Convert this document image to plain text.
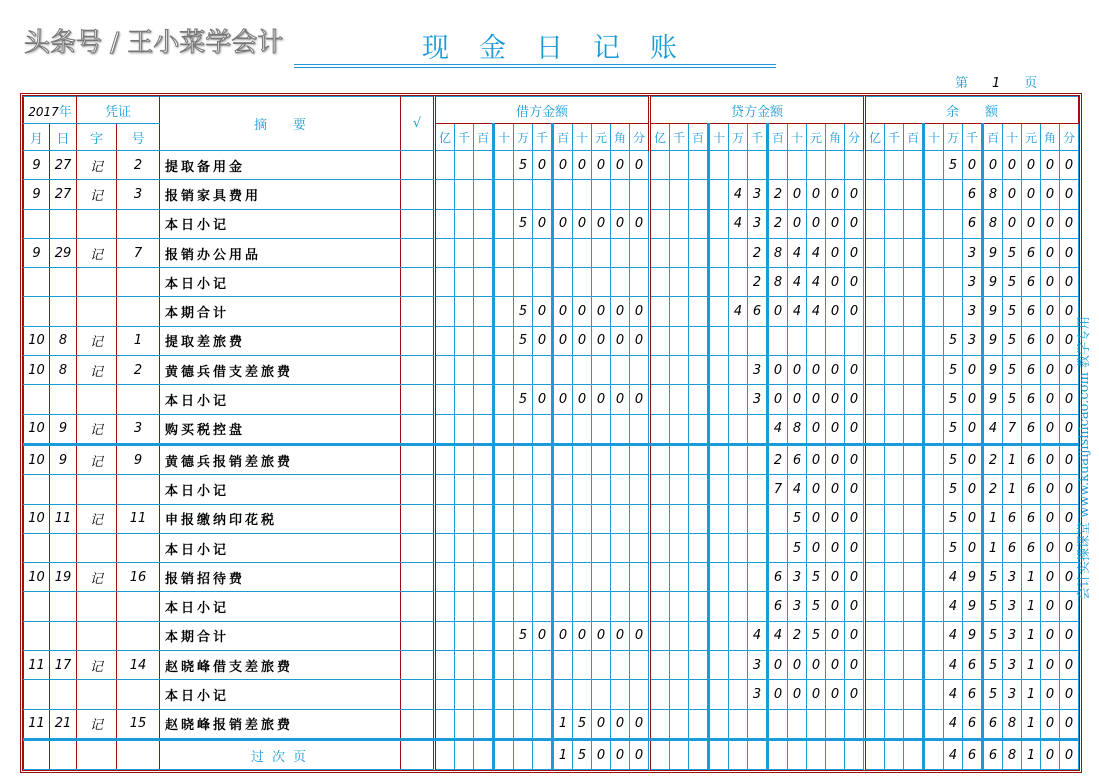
现金日记账
第 1 页
2017年		凭证		摘　　要	√		借方金额												贷方金额												余　　额										
月	日	字	号				亿	千	百	十	万	千	百	十	元	角	分		亿	千	百	十	万	千	百	十	元	角	分		亿	千	百	十	万	千	百	十	元	角	分
9	27	记	2	提取备用金							5	0	0	0	0	0	0																		5	0	0	0	0	0	0
9	27	记	3	报销家具费用																			4	3	2	0	0	0	0							6	8	0	0	0	0
				本日小记							5	0	0	0	0	0	0						4	3	2	0	0	0	0							6	8	0	0	0	0
9	29	记	7	报销办公用品																				2	8	4	4	0	0							3	9	5	6	0	0
				本日小记																				2	8	4	4	0	0							3	9	5	6	0	0
				本期合计							5	0	0	0	0	0	0						4	6	0	4	4	0	0							3	9	5	6	0	0
10	8	记	1	提取差旅费							5	0	0	0	0	0	0																		5	3	9	5	6	0	0
10	8	记	2	黄德兵借支差旅费																				3	0	0	0	0	0						5	0	9	5	6	0	0
				本日小记							5	0	0	0	0	0	0							3	0	0	0	0	0						5	0	9	5	6	0	0
10	9	记	3	购买税控盘																					4	8	0	0	0						5	0	4	7	6	0	0
10	9	记	9	黄德兵报销差旅费																					2	6	0	0	0						5	0	2	1	6	0	0
				本日小记																					7	4	0	0	0						5	0	2	1	6	0	0
10	11	记	11	申报缴纳印花税																						5	0	0	0						5	0	1	6	6	0	0
				本日小记																						5	0	0	0						5	0	1	6	6	0	0
10	19	记	16	报销招待费																					6	3	5	0	0						4	9	5	3	1	0	0
				本日小记																					6	3	5	0	0						4	9	5	3	1	0	0
				本期合计							5	0	0	0	0	0	0							4	4	2	5	0	0						4	9	5	3	1	0	0
11	17	记	14	赵晓峰借支差旅费																				3	0	0	0	0	0						4	6	5	3	1	0	0
				本日小记																				3	0	0	0	0	0						4	6	5	3	1	0	0
11	21	记	15	赵晓峰报销差旅费									1	5	0	0	0																		4	6	6	8	1	0	0
				过次页									1	5	0	0	0																		4	6	6	8	1	0	0
会计实操课堂 www.kuaijishicao.com 教学专用
头条号 / 王小菜学会计
